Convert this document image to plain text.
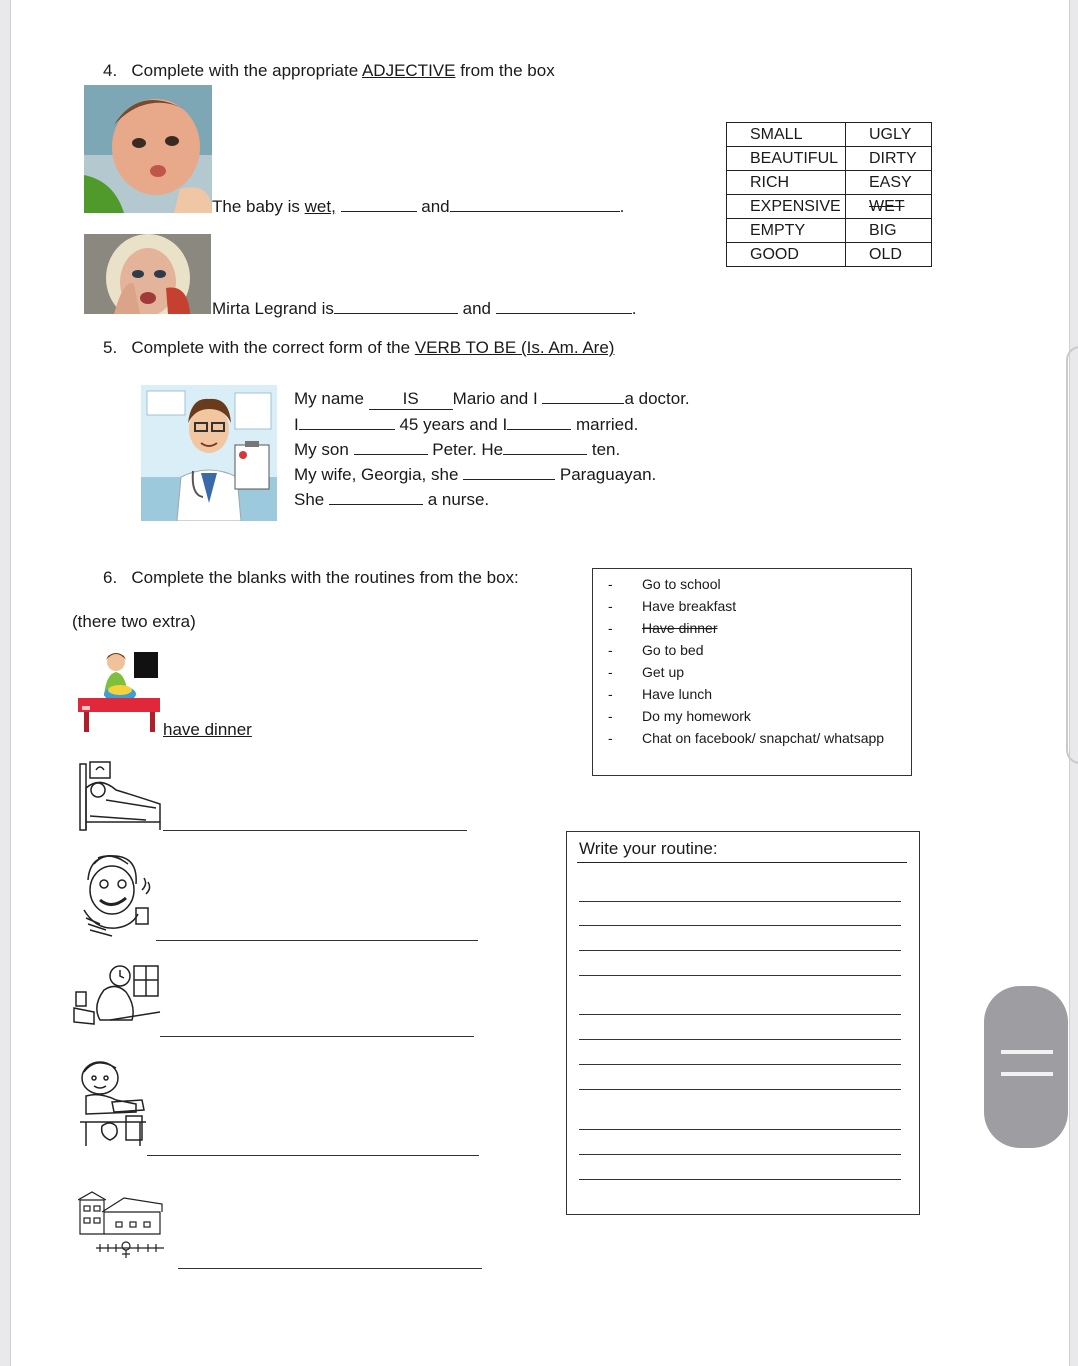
4. Complete with the appropriate ADJECTIVE from the box
The baby is wet,	and	.
Mirta Legrand is	and	.
SMALL	UGLY
BEAUTIFUL	DIRTY
RICH	EASY
EXPENSIVE	WET
EMPTY	BIG
GOOD	OLD
5. Complete with the correct form of the VERB TO BE (Is. Am. Are)
My name IS Mario and I	a doctor.
I	45 years and I	married.
My son	Peter. He	ten.
My wife, Georgia, she	Paraguayan.
She	a nurse.
6. Complete the blanks with the routines from the box:
(there two extra)
- Go to school
- Have breakfast
- Have dinner
- Go to bed
- Get up
- Have lunch
- Do my homework
- Chat on facebook/ snapchat/ whatsapp
have dinner
Write your routine:
